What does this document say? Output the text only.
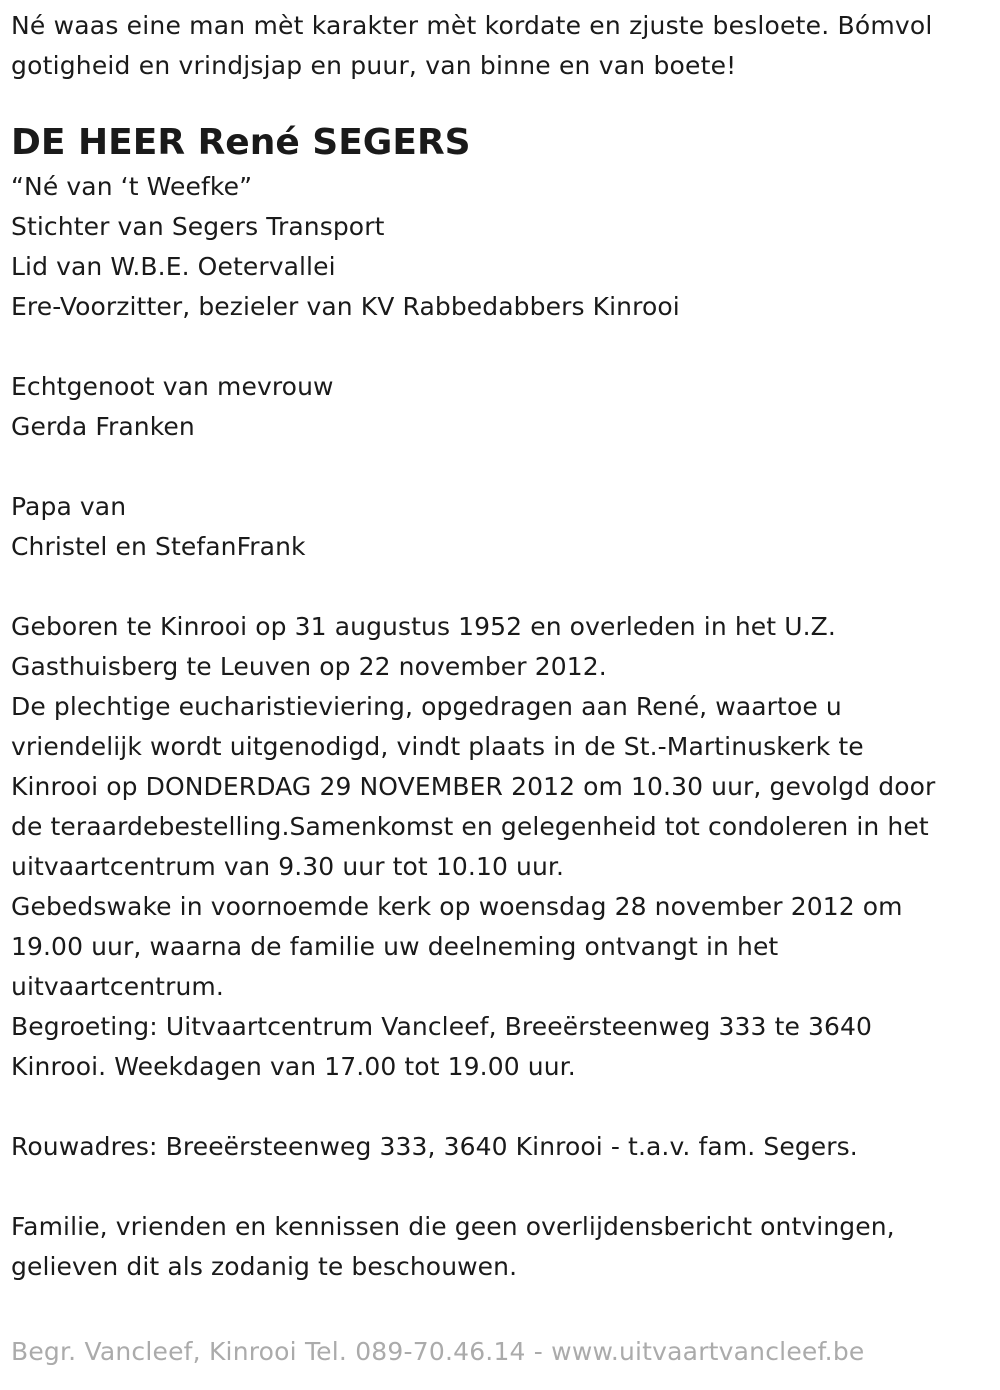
Né waas eine man mèt karakter mèt kordate en zjuste besloete. Bómvol
gotigheid en vrindjsjap en puur, van binne en van boete!
DE HEER René SEGERS
“Né van ‘t Weefke”
Stichter van Segers Transport
Lid van W.B.E. Oetervallei
Ere-Voorzitter, bezieler van KV Rabbedabbers Kinrooi
Echtgenoot van mevrouw
Gerda Franken
Papa van
Christel en StefanFrank
Geboren te Kinrooi op 31 augustus 1952 en overleden in het U.Z.
Gasthuisberg te Leuven op 22 november 2012.
De plechtige eucharistieviering, opgedragen aan René, waartoe u
vriendelijk wordt uitgenodigd, vindt plaats in de St.-Martinuskerk te
Kinrooi op DONDERDAG 29 NOVEMBER 2012 om 10.30 uur, gevolgd door
de teraardebestelling.Samenkomst en gelegenheid tot condoleren in het
uitvaartcentrum van 9.30 uur tot 10.10 uur.
Gebedswake in voornoemde kerk op woensdag 28 november 2012 om
19.00 uur, waarna de familie uw deelneming ontvangt in het
uitvaartcentrum.
Begroeting: Uitvaartcentrum Vancleef, Breeërsteenweg 333 te 3640
Kinrooi. Weekdagen van 17.00 tot 19.00 uur.
Rouwadres: Breeërsteenweg 333, 3640 Kinrooi - t.a.v. fam. Segers.
Familie, vrienden en kennissen die geen overlijdensbericht ontvingen,
gelieven dit als zodanig te beschouwen.
Begr. Vancleef, Kinrooi Tel. 089-70.46.14 - www.uitvaartvancleef.be
